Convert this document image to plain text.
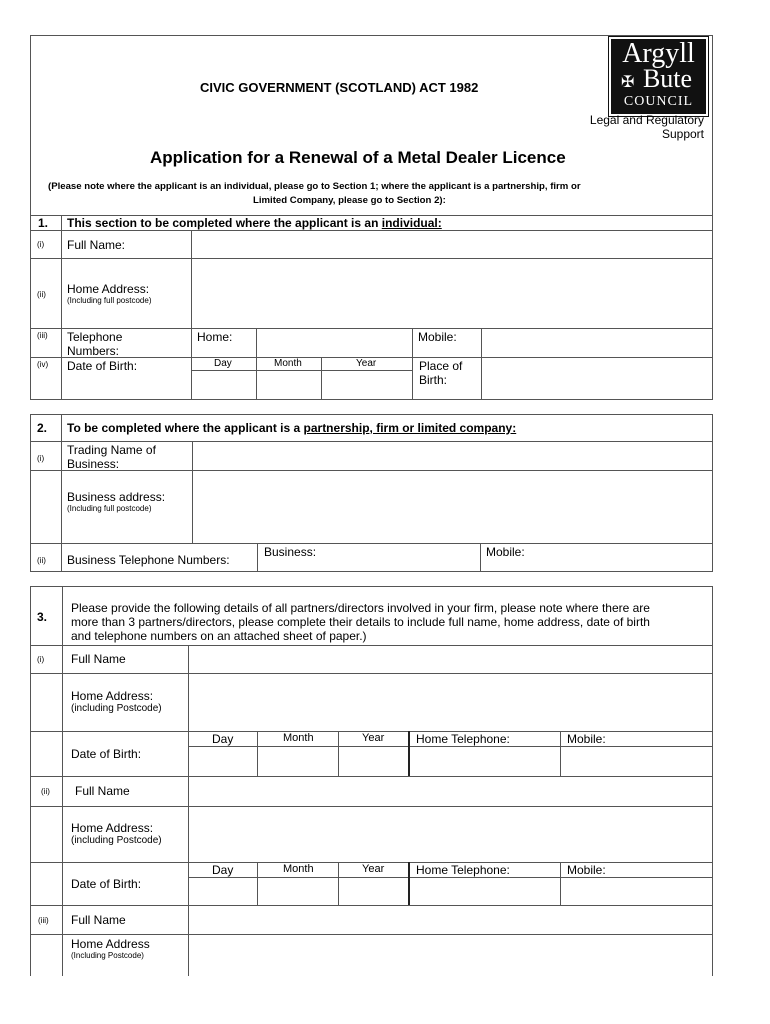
CIVIC GOVERNMENT (SCOTLAND) ACT 1982
Argyll
✠ Bute
COUNCIL
Legal and Regulatory
Support
Application for a Renewal of a Metal Dealer Licence
(Please note where the applicant is an individual, please go to Section 1; where the applicant is a partnership, firm or
Limited Company, please go to Section 2):
1. This section to be completed where the applicant is an individual:
(i) Full Name:
(ii) Home Address:
(Including full postcode)
(iii) Telephone
Numbers:
Home:	Mobile:
(iv) Date of Birth:	Day	Month	Year	Place of
Birth:
2. To be completed where the applicant is a partnership, firm or limited company:
(i)
Trading Name of
Business:
Business address:
(Including full postcode)
(ii) Business Telephone Numbers:
Business:	Mobile:
3.
Please provide the following details of all partners/directors involved in your firm, please note where there are
more than 3 partners/directors, please complete their details to include full name, home address, date of birth
and telephone numbers on an attached sheet of paper.)
(i) Full Name
Home Address:
(including Postcode)
Date of Birth:
Day	Month	Year	Home Telephone:	Mobile:
(ii) Full Name
Home Address:
(including Postcode)
Date of Birth:
Day	Month	Year	Home Telephone:	Mobile:
(iii) Full Name
Home Address
(Including Postcode)
